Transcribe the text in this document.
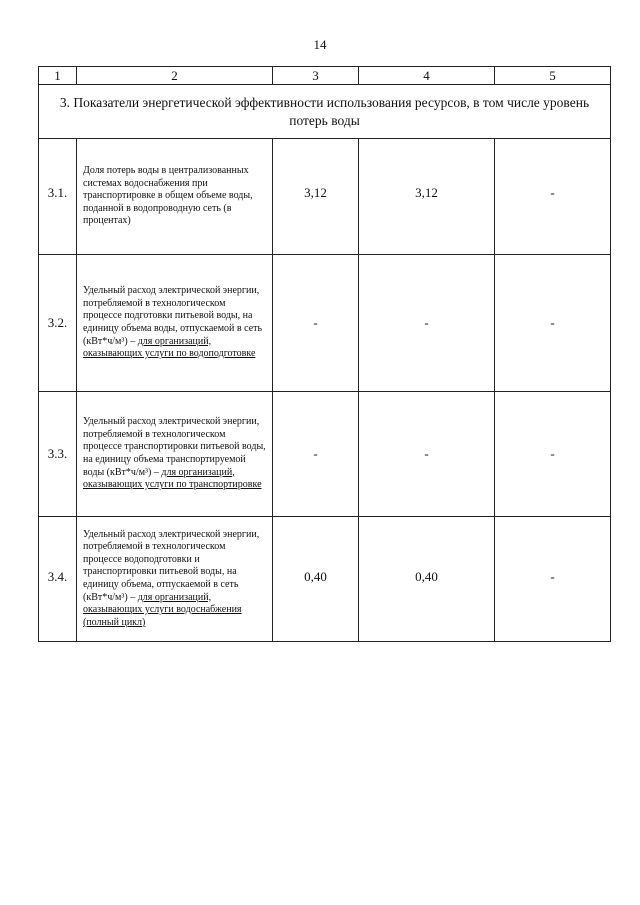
14
1	2	3	4	5
3. Показатели энергетической эффективности использования ресурсов, в том числе уровень потерь воды				
3.1.	Доля потерь воды в централизованных системах водоснабжения при транспортировке в общем объеме воды, поданной в водопроводную сеть (в процентах)	3,12	3,12	-
3.2.	Удельный расход электрической энергии, потребляемой в технологическом процессе подготовки питьевой воды, на единицу объема воды, отпускаемой в сеть (кВт*ч/м³) – для организаций, оказывающих услуги по водоподготовке	-	-	-
3.3.	Удельный расход электрической энергии, потребляемой в технологическом процессе транспортировки питьевой воды, на единицу объема транспортируемой воды (кВт*ч/м³) – для организаций, оказывающих услуги по транспортировке	-	-	-
3.4.	Удельный расход электрической энергии, потребляемой в технологическом процессе водоподготовки и транспортировки питьевой воды, на единицу объема, отпускаемой в сеть (кВт*ч/м³) – для организаций, оказывающих услуги водоснабжения (полный цикл)	0,40	0,40	-
